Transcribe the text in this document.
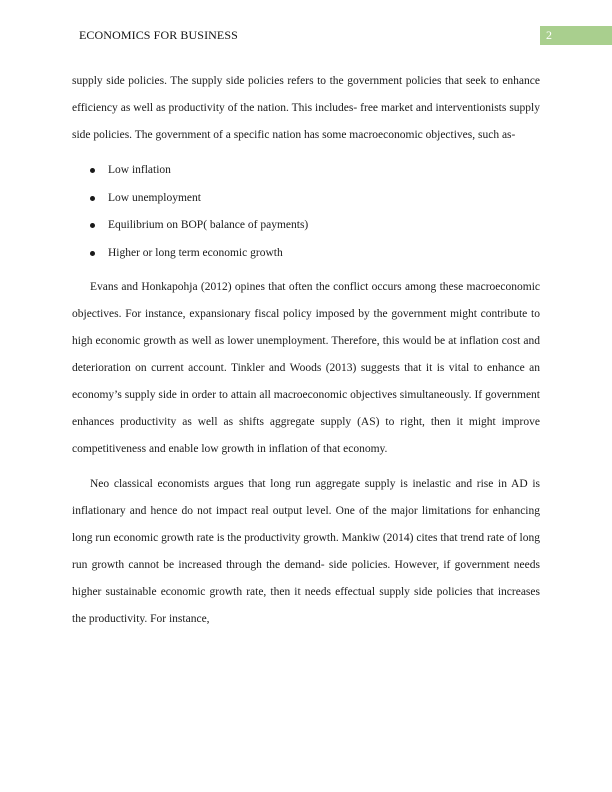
ECONOMICS FOR BUSINESS	2

supply side policies. The supply side policies refers to the government policies that seek to enhance efficiency as well as productivity of the nation. This includes- free market and interventionists supply side policies. The government of a specific nation has some macroeconomic objectives, such as-

Low inflation
Low unemployment
Equilibrium on BOP( balance of payments)
Higher or long term economic growth

Evans and Honkapohja (2012) opines that often the conflict occurs among these macroeconomic objectives. For instance, expansionary fiscal policy imposed by the government might contribute to high economic growth as well as lower unemployment. Therefore, this would be at inflation cost and deterioration on current account. Tinkler and Woods (2013) suggests that it is vital to enhance an economy’s supply side in order to attain all macroeconomic objectives simultaneously. If government enhances productivity as well as shifts aggregate supply (AS) to right, then it might improve competitiveness and enable low growth in inflation of that economy.

Neo classical economists argues that long run aggregate supply is inelastic and rise in AD is inflationary and hence do not impact real output level. One of the major limitations for enhancing long run economic growth rate is the productivity growth. Mankiw (2014) cites that trend rate of long run growth cannot be increased through the demand- side policies. However, if government needs higher sustainable economic growth rate, then it needs effectual supply side policies that increases the productivity. For instance,
